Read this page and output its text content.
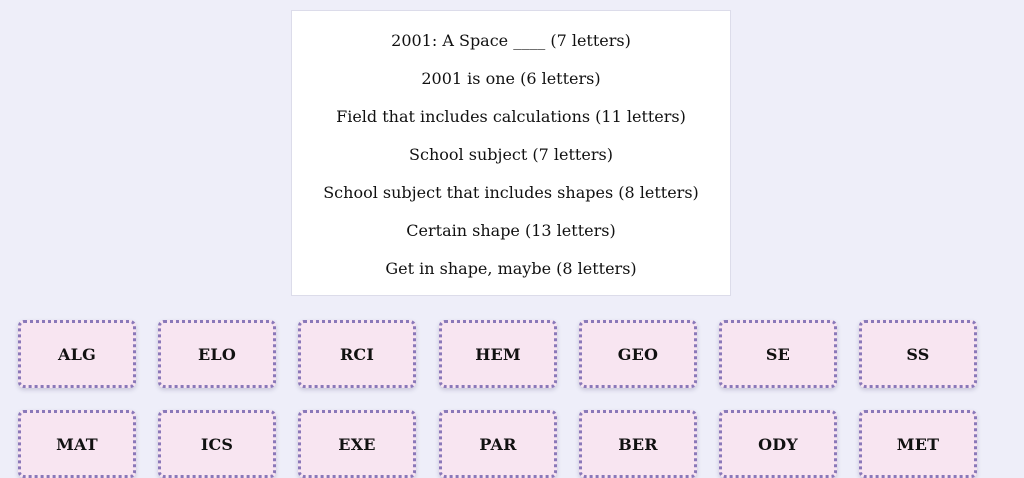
2001: A Space ____ (7 letters)
2001 is one (6 letters)
Field that includes calculations (11 letters)
School subject (7 letters)
School subject that includes shapes (8 letters)
Certain shape (13 letters)
Get in shape, maybe (8 letters)
ALG	ELO	RCI	HEM	GEO	SE	SS
MAT	ICS	EXE	PAR	BER	ODY	MET
